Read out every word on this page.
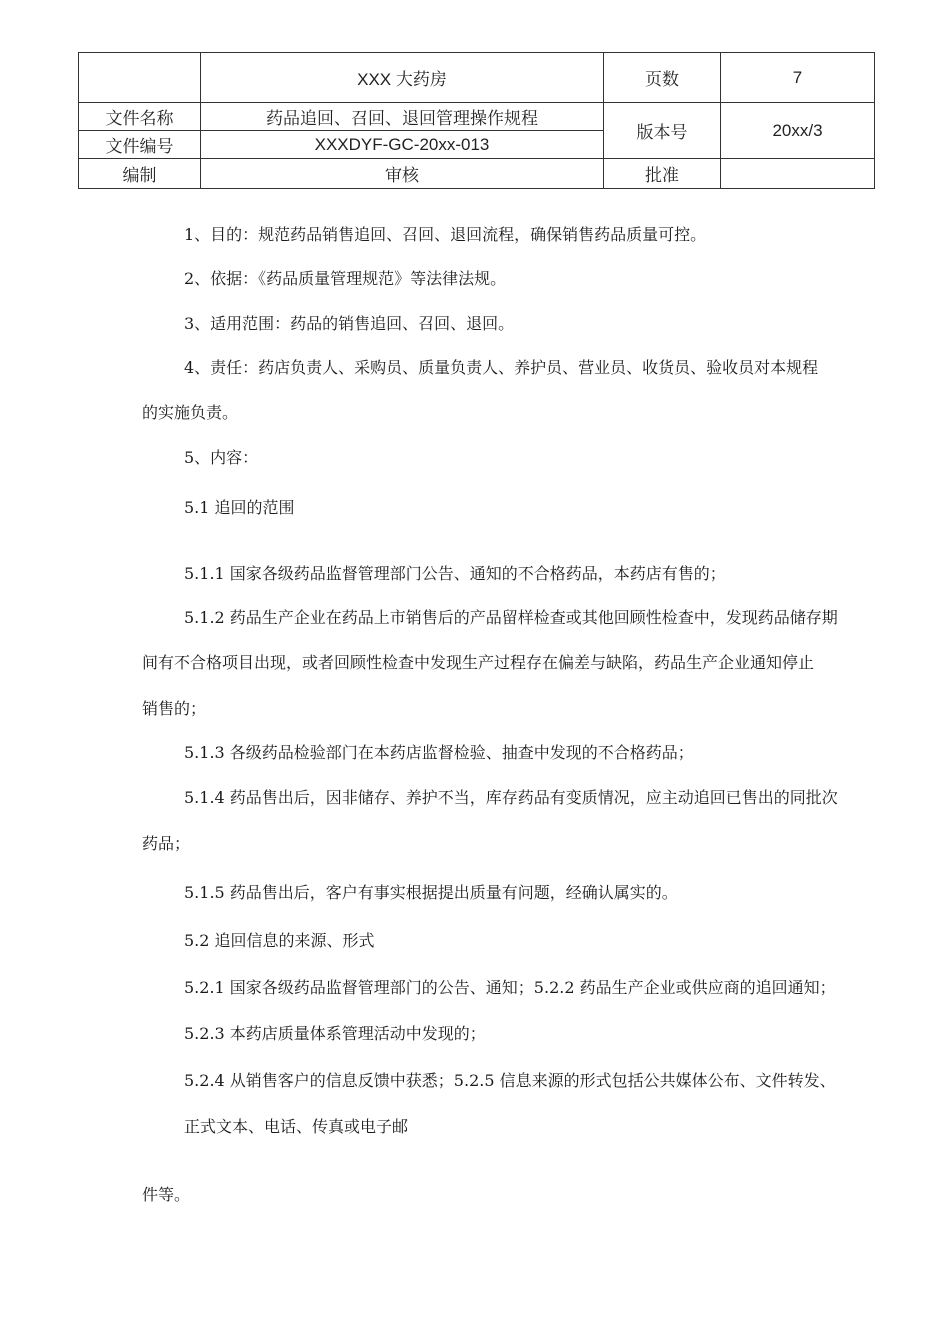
	XXX 大药房	页数	7
文件名称	药品追回、召回、退回管理操作规程	版本号	20xx/3
文件编号	XXXDYF-GC-20xx-013		
编制	审核	批准	
1、目的：规范药品销售追回、召回、退回流程，确保销售药品质量可控。
2、依据：《药品质量管理规范》等法律法规。
3、适用范围：药品的销售追回、召回、退回。
4、责任：药店负责人、采购员、质量负责人、养护员、营业员、收货员、验收员对本规程
的实施负责。
5、内容：
5.1 追回的范围
5.1.1 国家各级药品监督管理部门公告、通知的不合格药品，本药店有售的；
5.1.2 药品生产企业在药品上市销售后的产品留样检查或其他回顾性检查中，发现药品储存期
间有不合格项目出现，或者回顾性检查中发现生产过程存在偏差与缺陷，药品生产企业通知停止
销售的；
5.1.3 各级药品检验部门在本药店监督检验、抽查中发现的不合格药品；
5.1.4 药品售出后，因非储存、养护不当，库存药品有变质情况，应主动追回已售出的同批次
药品；
5.1.5 药品售出后，客户有事实根据提出质量有问题，经确认属实的。
5.2 追回信息的来源、形式
5.2.1 国家各级药品监督管理部门的公告、通知；5.2.2 药品生产企业或供应商的追回通知；
5.2.3 本药店质量体系管理活动中发现的；
5.2.4 从销售客户的信息反馈中获悉；5.2.5 信息来源的形式包括公共媒体公布、文件转发、
正式文本、电话、传真或电子邮
件等。
